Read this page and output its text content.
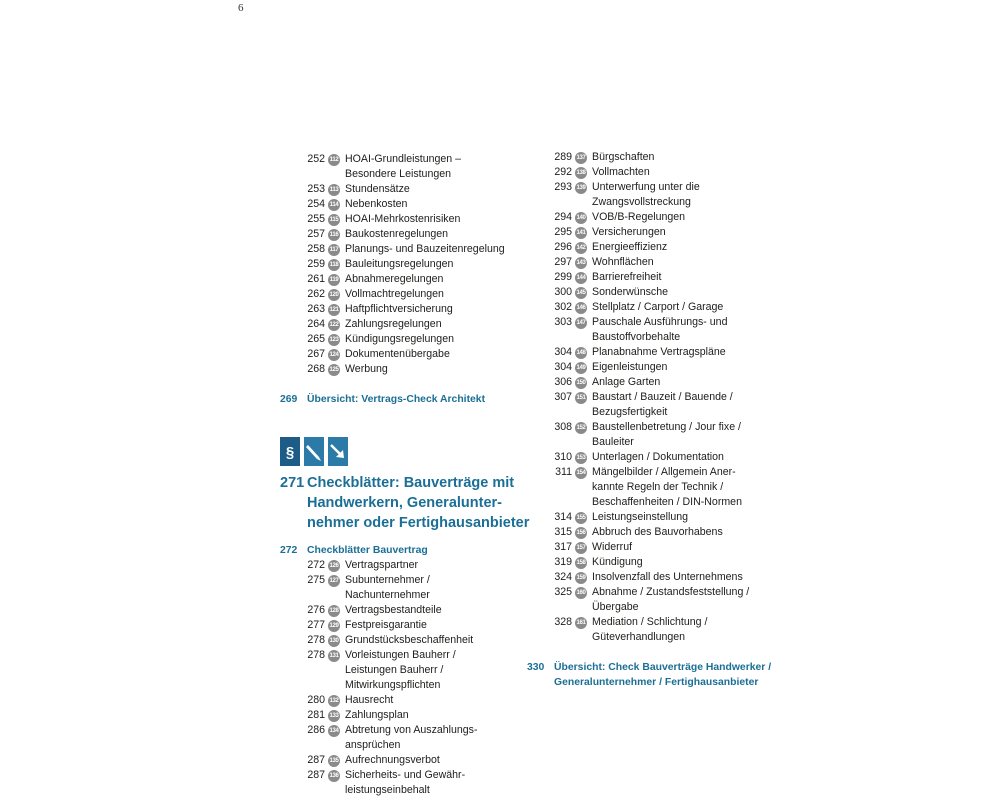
6
252 112 HOAI-Grundleistungen –
Besondere Leistungen
253 113 Stundensätze
254 114 Nebenkosten
255 115 HOAI-Mehrkostenrisiken
257 116 Baukostenregelungen
258 117 Planungs- und Bauzeitenregelung
259 118 Bauleitungsregelungen
261 119 Abnahmeregelungen
262 120 Vollmachtregelungen
263 121 Haftpflichtversicherung
264 122 Zahlungsregelungen
265 123 Kündigungsregelungen
267 124 Dokumentenübergabe
268 125 Werbung
269 Übersicht: Vertrags-Check Architekt
§
271 Checkblätter: Bauverträge mit
Handwerkern, Generalunter-
nehmer oder Fertighausanbieter
272 Checkblätter Bauvertrag
272 126 Vertragspartner
275 127 Subunternehmer /
Nachunternehmer
276 128 Vertragsbestandteile
277 129 Festpreisgarantie
278 130 Grundstücksbeschaffenheit
278 131 Vorleistungen Bauherr /
Leistungen Bauherr /
Mitwirkungspflichten
280 132 Hausrecht
281 133 Zahlungsplan
286 134 Abtretung von Auszahlungs-
ansprüchen
287 135 Aufrechnungsverbot
287 136 Sicherheits- und Gewähr-
leistungseinbehalt
289 137 Bürgschaften
292 138 Vollmachten
293 139 Unterwerfung unter die
Zwangsvollstreckung
294 140 VOB/B-Regelungen
295 141 Versicherungen
296 142 Energieeffizienz
297 143 Wohnflächen
299 144 Barrierefreiheit
300 145 Sonderwünsche
302 146 Stellplatz / Carport / Garage
303 147 Pauschale Ausführungs- und
Baustoffvorbehalte
304 148 Planabnahme Vertragspläne
304 149 Eigenleistungen
306 150 Anlage Garten
307 151 Baustart / Bauzeit / Bauende /
Bezugsfertigkeit
308 152 Baustellenbetretung / Jour fixe /
Bauleiter
310 153 Unterlagen / Dokumentation
311 154 Mängelbilder / Allgemein Aner-
kannte Regeln der Technik /
Beschaffenheiten / DIN-Normen
314 155 Leistungseinstellung
315 156 Abbruch des Bauvorhabens
317 157 Widerruf
319 158 Kündigung
324 159 Insolvenzfall des Unternehmens
325 160 Abnahme / Zustandsfeststellung /
Übergabe
328 161 Mediation / Schlichtung /
Güteverhandlungen
330 Übersicht: Check Bauverträge Handwerker /
Generalunternehmer / Fertighausanbieter
